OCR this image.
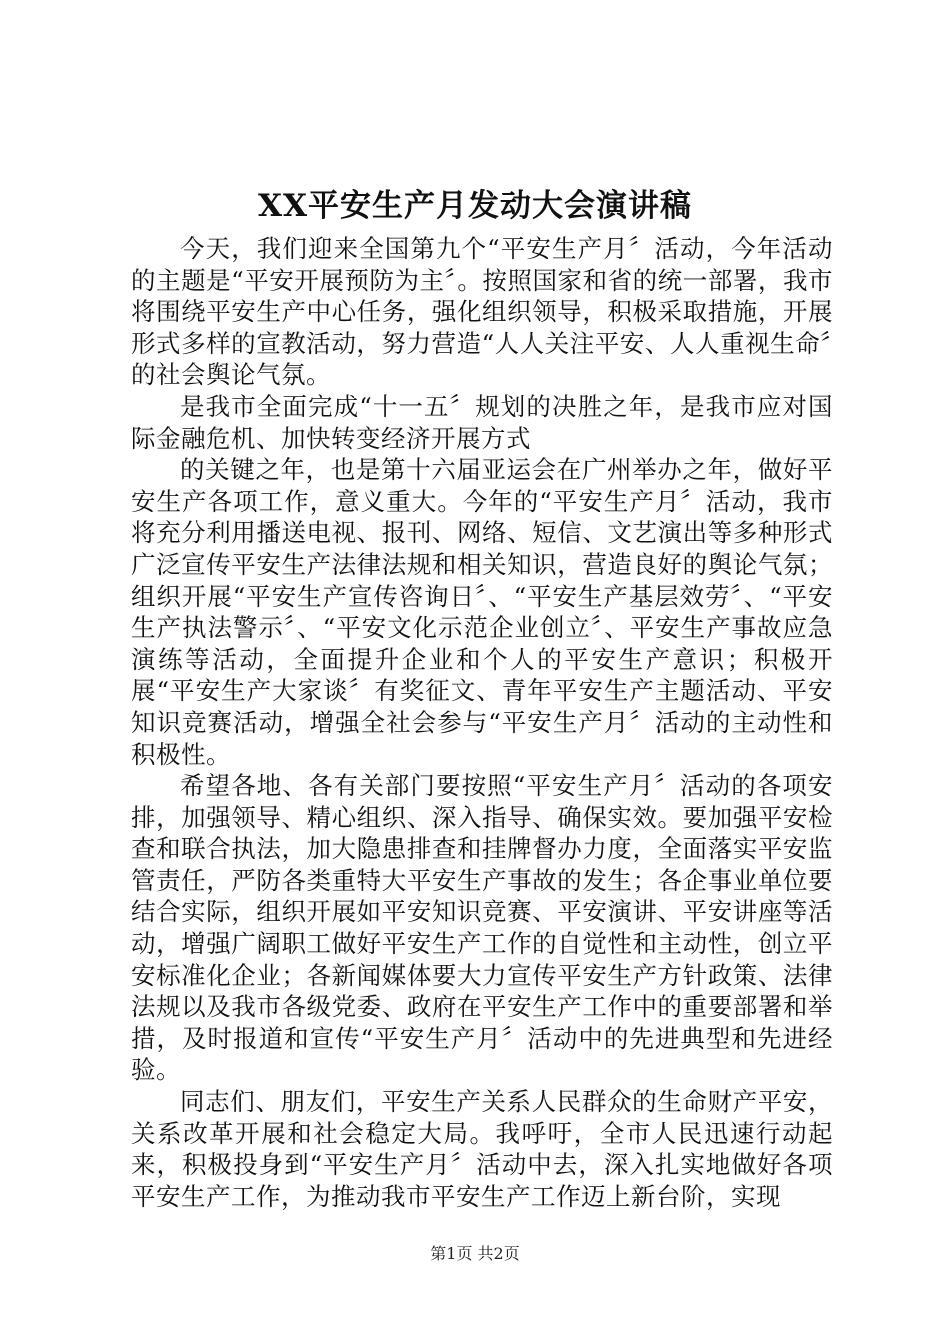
XX平安生产月发动大会演讲稿

今天，我们迎来全国第九个“平安生产月〞活动，今年活动的主题是“平安开展预防为主〞。按照国家和省的统一部署，我市将围绕平安生产中心任务，强化组织领导，积极采取措施，开展形式多样的宣教活动，努力营造“人人关注平安、人人重视生命〞的社会舆论气氛。

是我市全面完成“十一五〞规划的决胜之年，是我市应对国际金融危机、加快转变经济开展方式

的关键之年，也是第十六届亚运会在广州举办之年，做好平安生产各项工作，意义重大。今年的“平安生产月〞活动，我市将充分利用播送电视、报刊、网络、短信、文艺演出等多种形式广泛宣传平安生产法律法规和相关知识，营造良好的舆论气氛；组织开展“平安生产宣传咨询日〞、“平安生产基层效劳〞、“平安生产执法警示〞、“平安文化示范企业创立〞、平安生产事故应急演练等活动，全面提升企业和个人的平安生产意识；积极开展“平安生产大家谈〞有奖征文、青年平安生产主题活动、平安知识竞赛活动，增强全社会参与“平安生产月〞活动的主动性和积极性。

希望各地、各有关部门要按照“平安生产月〞活动的各项安排，加强领导、精心组织、深入指导、确保实效。要加强平安检查和联合执法，加大隐患排查和挂牌督办力度，全面落实平安监管责任，严防各类重特大平安生产事故的发生；各企事业单位要结合实际，组织开展如平安知识竞赛、平安演讲、平安讲座等活动，增强广阔职工做好平安生产工作的自觉性和主动性，创立平安标准化企业；各新闻媒体要大力宣传平安生产方针政策、法律法规以及我市各级党委、政府在平安生产工作中的重要部署和举措，及时报道和宣传“平安生产月〞活动中的先进典型和先进经验。

同志们、朋友们，平安生产关系人民群众的生命财产平安，关系改革开展和社会稳定大局。我呼吁，全市人民迅速行动起来，积极投身到“平安生产月〞活动中去，深入扎实地做好各项平安生产工作，为推动我市平安生产工作迈上新台阶，实现

第1页 共2页
